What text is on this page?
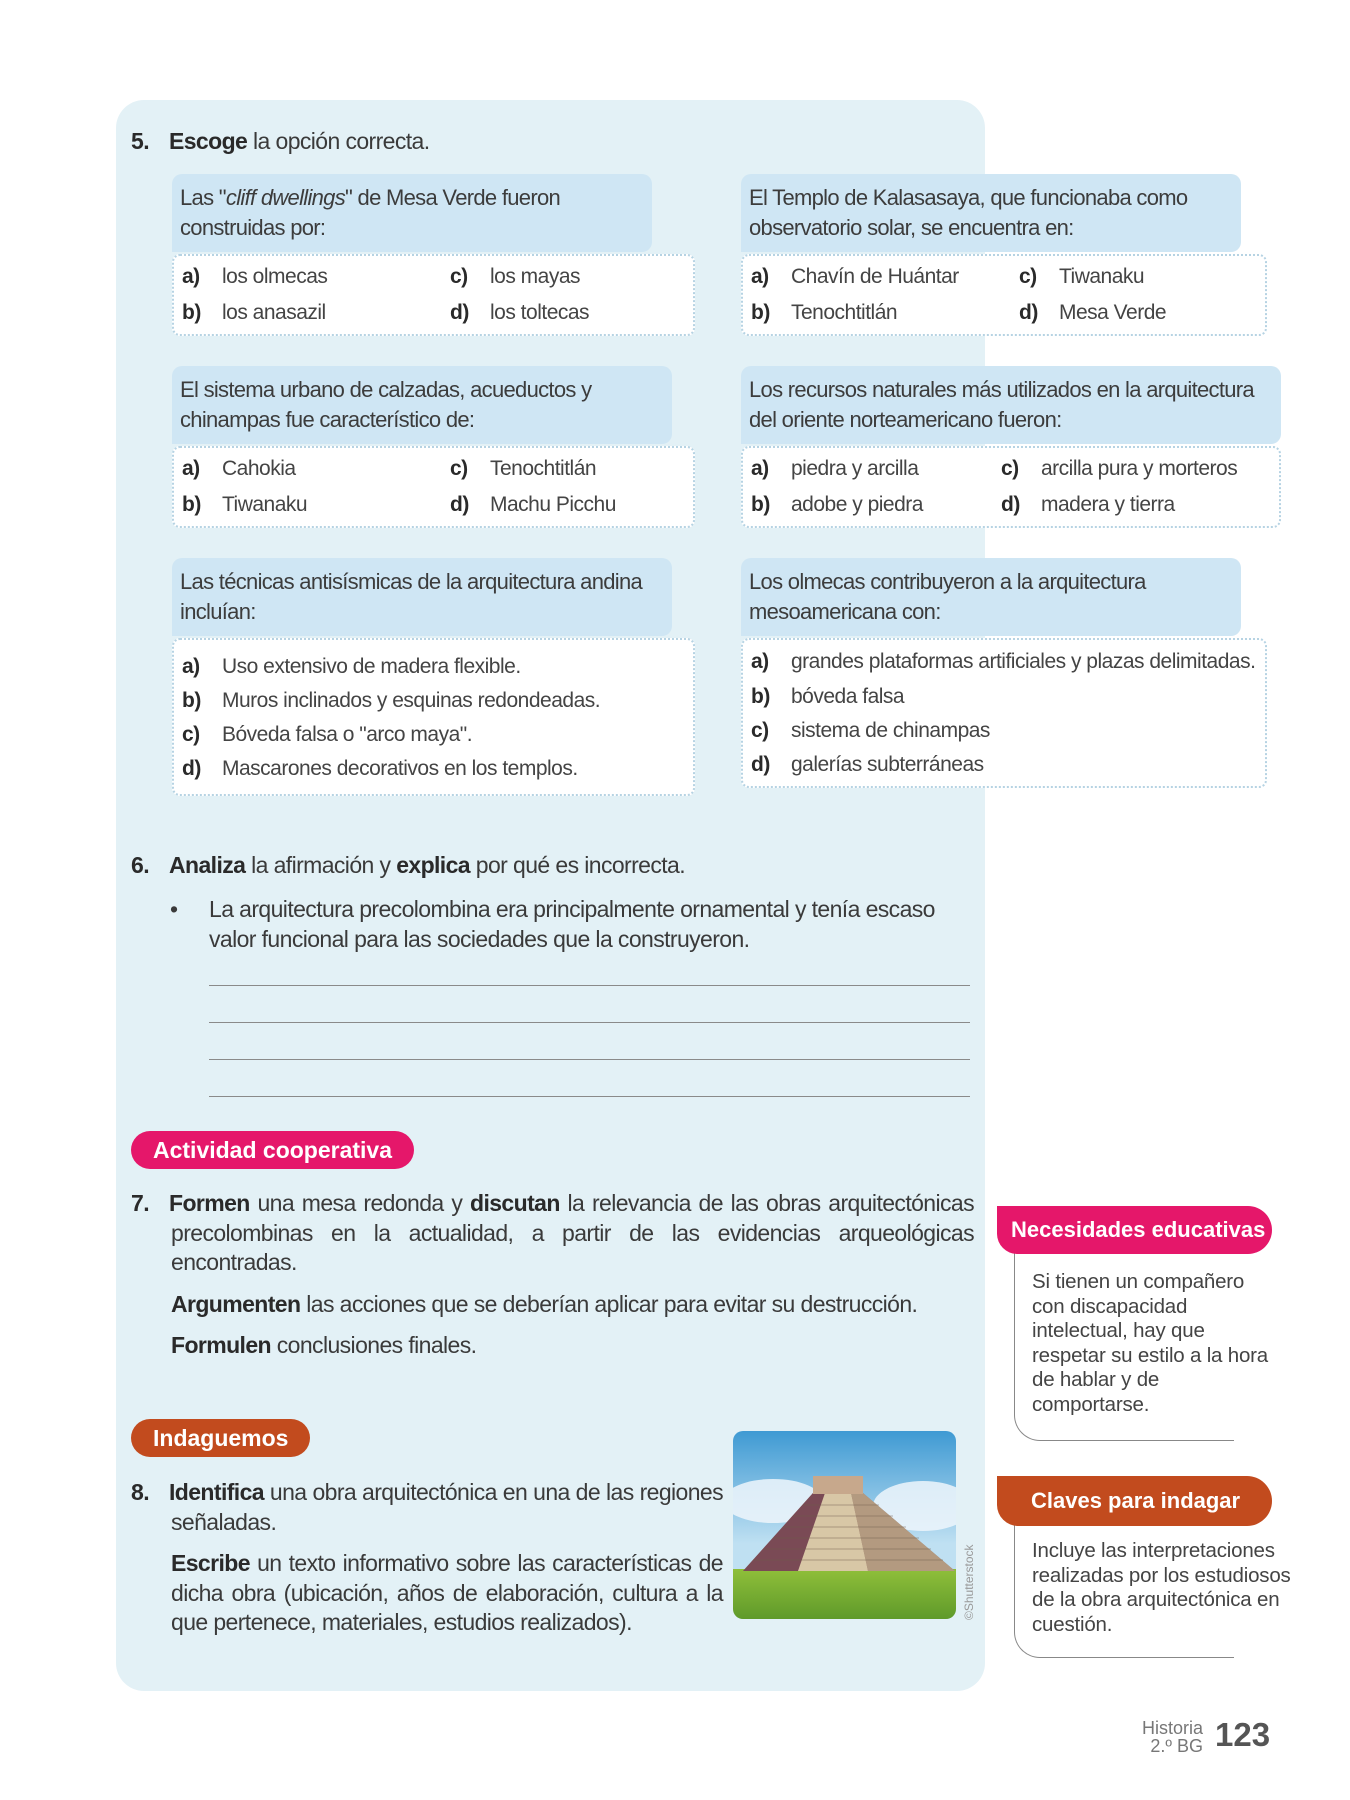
5. Escoge la opción correcta.
Las "cliff dwellings" de Mesa Verde fueron construidas por:
a) los olmecas	c) los mayas
b) los anasazil	d) los toltecas
El Templo de Kalasasaya, que funcionaba como observatorio solar, se encuentra en:
a) Chavín de Huántar	c) Tiwanaku
b) Tenochtitlán	d) Mesa Verde
El sistema urbano de calzadas, acueductos y chinampas fue característico de:
a) Cahokia	c) Tenochtitlán
b) Tiwanaku	d) Machu Picchu
Los recursos naturales más utilizados en la arquitectura del oriente norteamericano fueron:
a) piedra y arcilla	c) arcilla pura y morteros
b) adobe y piedra	d) madera y tierra
Las técnicas antisísmicas de la arquitectura andina incluían:
a) Uso extensivo de madera flexible.
b) Muros inclinados y esquinas redondeadas.
c) Bóveda falsa o "arco maya".
d) Mascarones decorativos en los templos.
Los olmecas contribuyeron a la arquitectura mesoamericana con:
a) grandes plataformas artificiales y plazas delimitadas.
b) bóveda falsa
c) sistema de chinampas
d) galerías subterráneas
6. Analiza la afirmación y explica por qué es incorrecta.
• La arquitectura precolombina era principalmente ornamental y tenía escaso valor funcional para las sociedades que la construyeron.
Actividad cooperativa
7. Formen una mesa redonda y discutan la relevancia de las obras arquitectónicas precolombinas en la actualidad, a partir de las evidencias arqueológicas encontradas.
Argumenten las acciones que se deberían aplicar para evitar su destrucción.
Formulen conclusiones finales.
Indaguemos
8. Identifica una obra arquitectónica en una de las regiones señaladas.
Escribe un texto informativo sobre las características de dicha obra (ubicación, años de elaboración, cultura a la que pertenece, materiales, estudios realizados).
©Shutterstock
Necesidades educativas
Si tienen un compañero con discapacidad intelectual, hay que respetar su estilo a la hora de hablar y de comportarse.
Claves para indagar
Incluye las interpretaciones realizadas por los estudiosos de la obra arquitectónica en cuestión.
Historia
2.º BG 123
